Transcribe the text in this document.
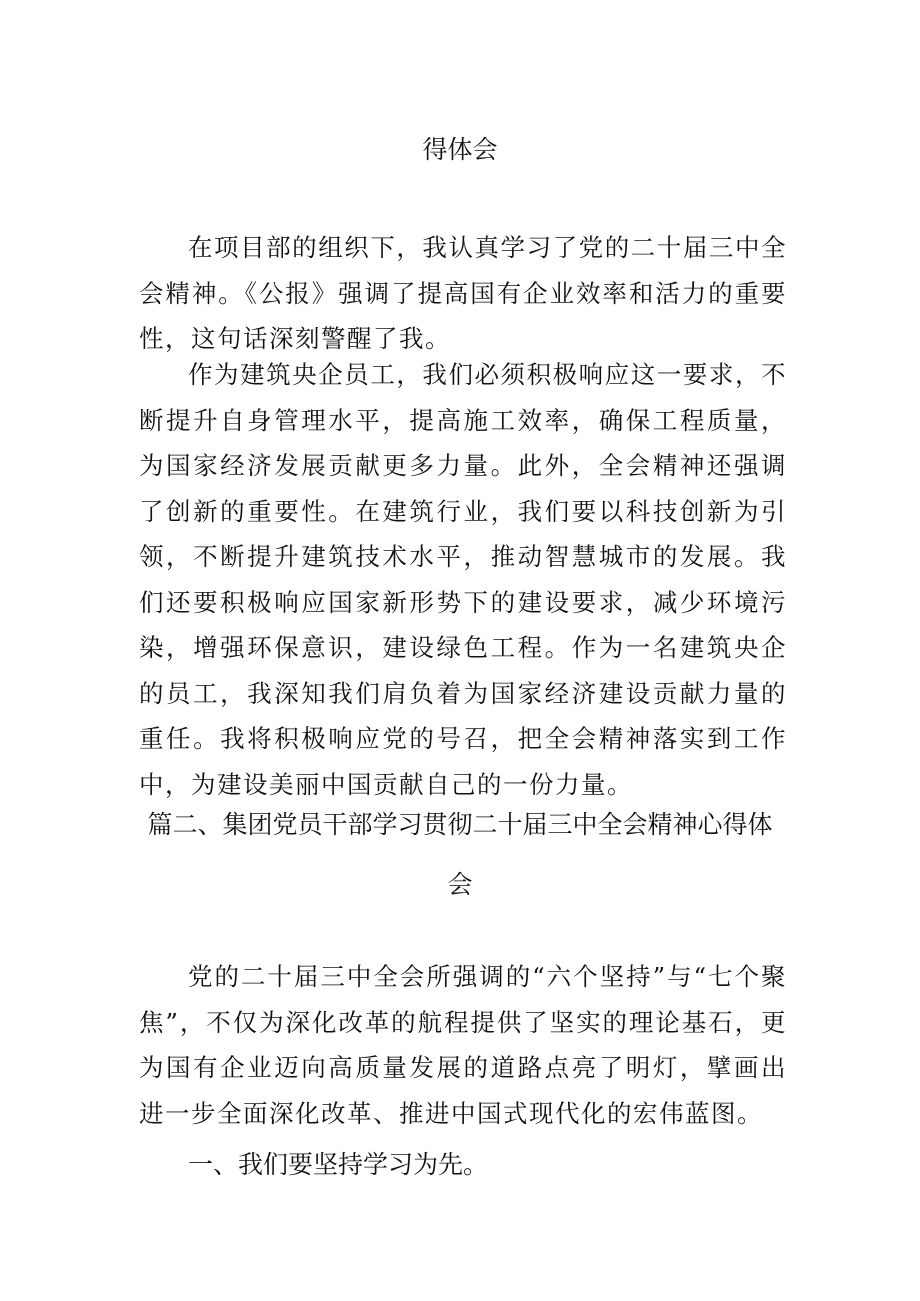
得体会

在项目部的组织下，我认真学习了党的二十届三中全会精神。《公报》强调了提高国有企业效率和活力的重要性，这句话深刻警醒了我。

作为建筑央企员工，我们必须积极响应这一要求，不断提升自身管理水平，提高施工效率，确保工程质量，为国家经济发展贡献更多力量。此外，全会精神还强调了创新的重要性。在建筑行业，我们要以科技创新为引领，不断提升建筑技术水平，推动智慧城市的发展。我们还要积极响应国家新形势下的建设要求，减少环境污染，增强环保意识，建设绿色工程。作为一名建筑央企的员工，我深知我们肩负着为国家经济建设贡献力量的重任。我将积极响应党的号召，把全会精神落实到工作中，为建设美丽中国贡献自己的一份力量。

篇二、集团党员干部学习贯彻二十届三中全会精神心得体
会

党的二十届三中全会所强调的“六个坚持”与“七个聚焦”，不仅为深化改革的航程提供了坚实的理论基石，更为国有企业迈向高质量发展的道路点亮了明灯，擘画出进一步全面深化改革、推进中国式现代化的宏伟蓝图。

一、我们要坚持学习为先。
